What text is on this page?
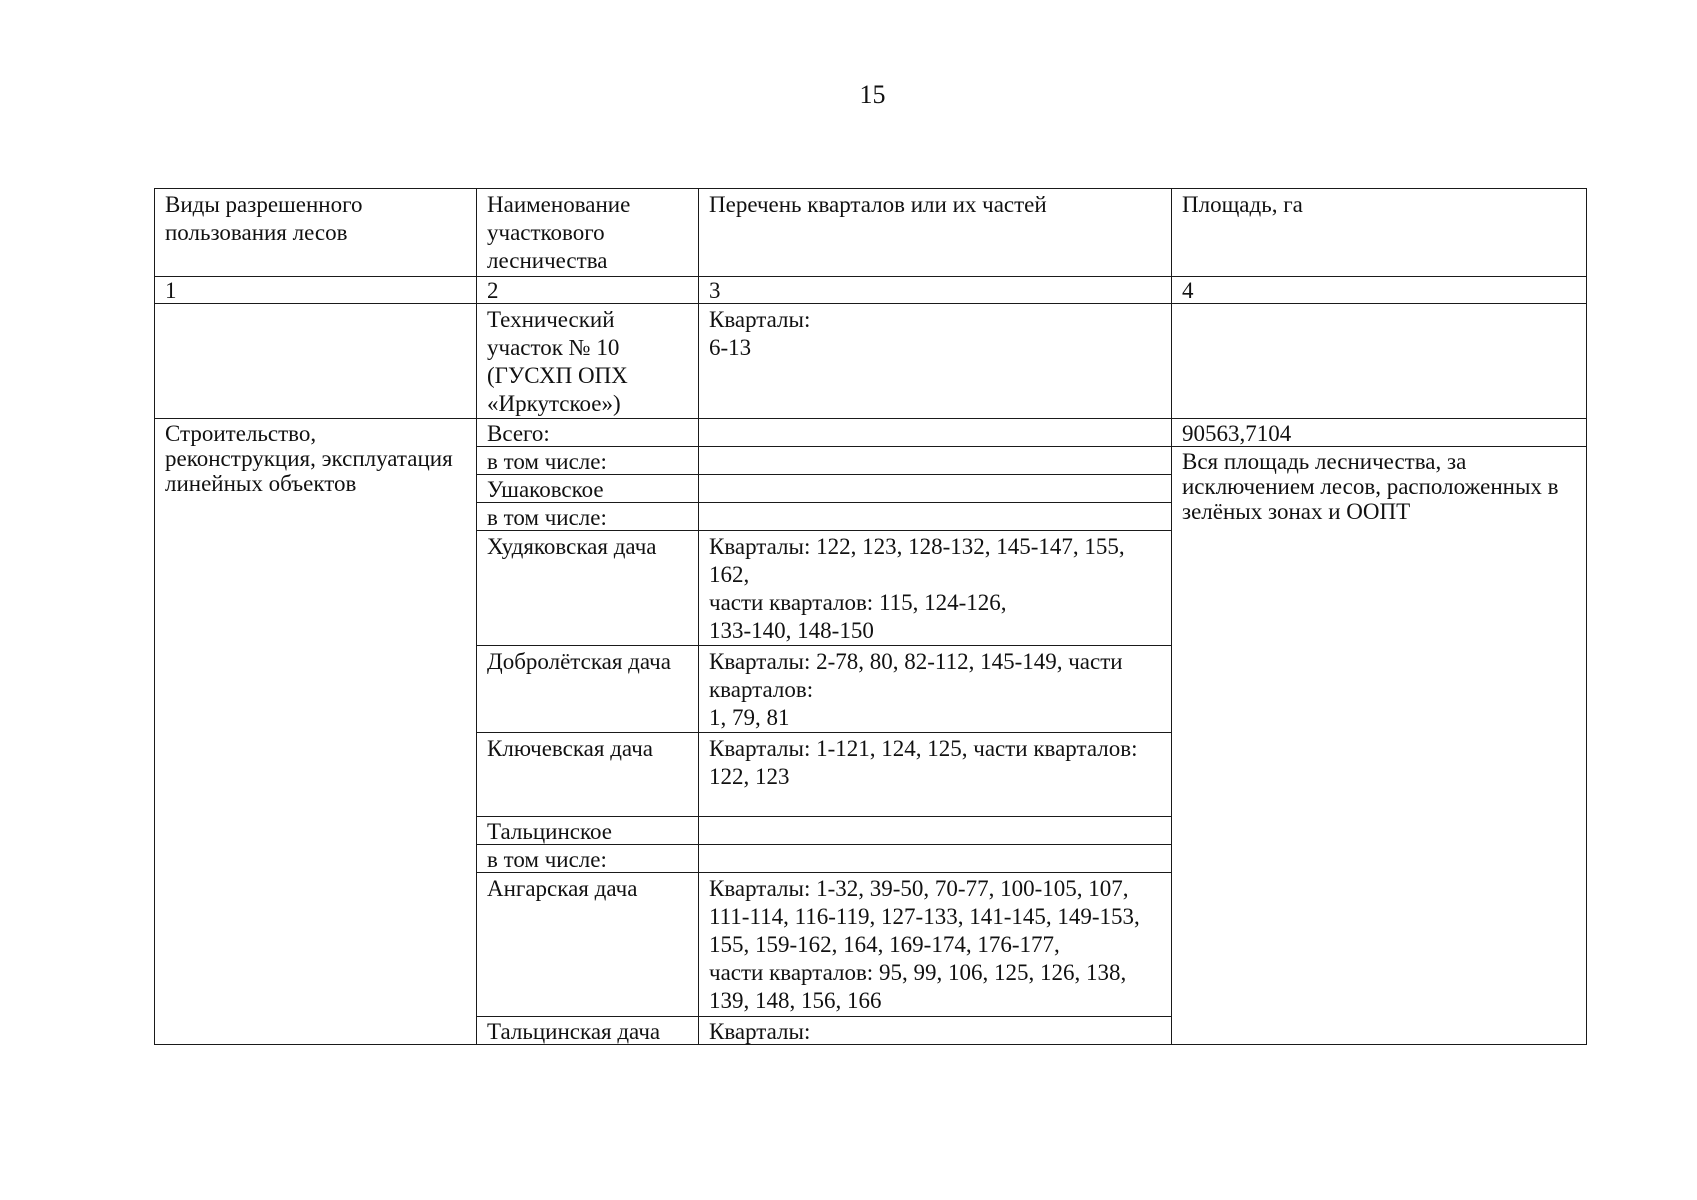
15
Виды разрешенного пользования лесов	Наименование участкового лесничества	Перечень кварталов или их частей	Площадь, га
1	2	3	4
	Технический участок № 10 (ГУСХП ОПХ «Иркутское»)	Кварталы:
6-13	
Строительство, реконструкция, эксплуатация линейных объектов	Всего:		90563,7104
	в том числе:		Вся площадь лесничества, за исключением лесов, расположенных в зелёных зонах и ООПТ
	Ушаковское		
	в том числе:		
	Худяковская дача	Кварталы: 122, 123, 128-132, 145-147, 155, 162,
части кварталов: 115, 124-126,
133-140, 148-150	
	Добролётская дача	Кварталы: 2-78, 80, 82-112, 145-149, части кварталов:
1, 79, 81	
	Ключевская дача	Кварталы: 1-121, 124, 125, части кварталов:
122, 123	
	Тальцинское		
	в том числе:		
	Ангарская дача	Кварталы: 1-32, 39-50, 70-77, 100-105, 107, 111-114, 116-119, 127-133, 141-145, 149-153, 155, 159-162, 164, 169-174, 176-177,
части кварталов: 95, 99, 106, 125, 126, 138, 139, 148, 156, 166	
	Тальцинская дача	Кварталы:	
